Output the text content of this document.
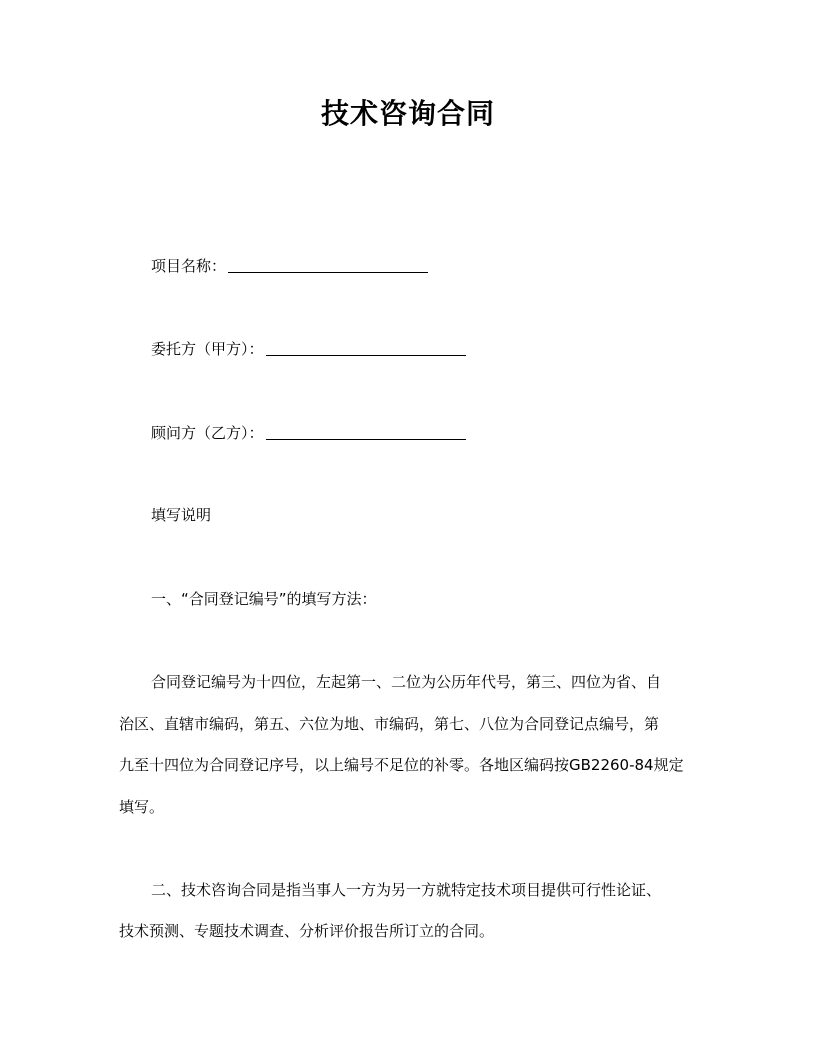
技术咨询合同
项目名称：
委托方（甲方）：
顾问方（乙方）：

填写说明

一、“合同登记编号”的填写方法：

合同登记编号为十四位，左起第一、二位为公历年代号，第三、四位为省、自

治区、直辖市编码，第五、六位为地、市编码，第七、八位为合同登记点编号，第

九至十四位为合同登记序号，以上编号不足位的补零。各地区编码按GB2260-84规定

填写。

二、技术咨询合同是指当事人一方为另一方就特定技术项目提供可行性论证、

技术预测、专题技术调查、分析评价报告所订立的合同。
